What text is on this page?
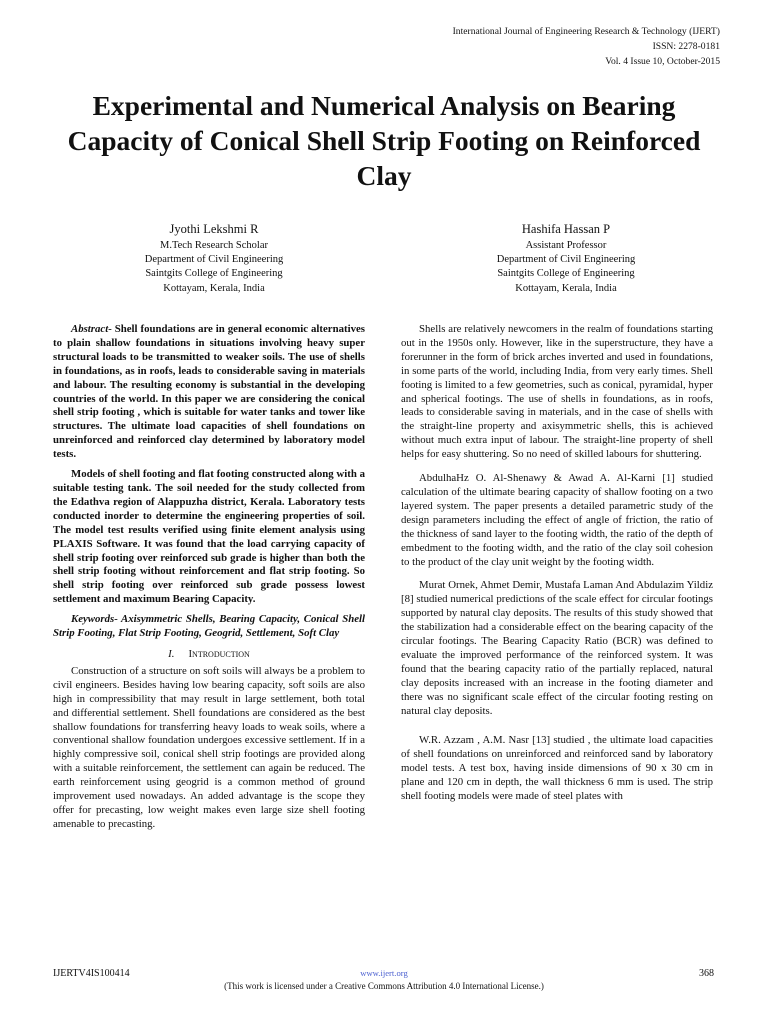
International Journal of Engineering Research & Technology (IJERT)
ISSN: 2278-0181
Vol. 4 Issue 10, October-2015
Experimental and Numerical Analysis on Bearing Capacity of Conical Shell Strip Footing on Reinforced Clay
Jyothi Lekshmi R
M.Tech Research Scholar
Department of Civil Engineering
Saintgits College of Engineering
Kottayam, Kerala, India
Hashifa Hassan P
Assistant Professor
Department of Civil Engineering
Saintgits College of Engineering
Kottayam, Kerala, India

Abstract- Shell foundations are in general economic alternatives to plain shallow foundations in situations involving heavy super structural loads to be transmitted to weaker soils. The use of shells in foundations, as in roofs, leads to considerable saving in materials and labour. The resulting economy is substantial in the developing countries of the world. In this paper we are considering the conical shell strip footing , which is suitable for water tanks and tower like structures. The ultimate load capacities of shell foundations on unreinforced and reinforced clay determined by laboratory model tests.

Models of shell footing and flat footing constructed along with a suitable testing tank. The soil needed for the study collected from the Edathva region of Alappuzha district, Kerala. Laboratory tests conducted inorder to determine the engineering properties of soil. The model test results verified using finite element analysis using PLAXIS Software. It was found that the load carrying capacity of shell strip footing over reinforced sub grade is higher than both the shell strip footing without reinforcement and flat strip footing. So shell strip footing over reinforced sub grade possess lowest settlement and maximum Bearing Capacity.

Keywords- Axisymmetric Shells, Bearing Capacity, Conical Shell Strip Footing, Flat Strip Footing, Geogrid, Settlement, Soft Clay

I. Introduction

Construction of a structure on soft soils will always be a problem to civil engineers. Besides having low bearing capacity, soft soils are also high in compressibility that may result in large settlement, both total and differential settlement. Shell foundations are considered as the best shallow foundations for transferring heavy loads to weak soils, where a conventional shallow foundation undergoes excessive settlement. If in a highly compressive soil, conical shell strip footings are provided along with a suitable reinforcement, the settlement can again be reduced. The earth reinforcement using geogrid is a common method of ground improvement used nowadays. An added advantage is the scope they offer for precasting, low weight makes even large size shell footing amenable to precasting.

Shells are relatively newcomers in the realm of foundations starting out in the 1950s only. However, like in the superstructure, they have a forerunner in the form of brick arches inverted and used in foundations, in some parts of the world, including India, from very early times. Shell footing is limited to a few geometries, such as conical, pyramidal, hyper and spherical footings. The use of shells in foundations, as in roofs, leads to considerable saving in materials, and in the case of shells with the straight-line property and axisymmetric shells, this is achieved without much extra input of labour. The straight-line property of shell helps for easy shuttering. So no need of skilled labours for shuttering.

AbdulhaHz O. Al-Shenawy & Awad A. Al-Karni [1] studied calculation of the ultimate bearing capacity of shallow footing on a two layered system. The paper presents a detailed parametric study of the design parameters including the effect of angle of friction, the ratio of the thickness of sand layer to the footing width, the ratio of the depth of embedment to the footing width, and the ratio of the clay soil cohesion to the product of the clay unit weight by the footing width.

Murat Ornek, Ahmet Demir, Mustafa Laman And Abdulazim Yildiz [8] studied numerical predictions of the scale effect for circular footings supported by natural clay deposits. The results of this study showed that the stabilization had a considerable effect on the bearing capacity of the circular footings. The Bearing Capacity Ratio (BCR) was defined to evaluate the improved performance of the reinforced system. It was found that the bearing capacity ratio of the partially replaced, natural clay deposits increased with an increase in the footing diameter and there was no significant scale effect of the circular footing resting on natural clay deposits.

W.R. Azzam , A.M. Nasr [13] studied , the ultimate load capacities of shell foundations on unreinforced and reinforced sand by laboratory model tests. A test box, having inside dimensions of 90 x 30 cm in plane and 120 cm in depth, the wall thickness 6 mm is used. The strip shell footing models were made of steel plates with

IJERTV4IS100414	www.ijert.org	368
(This work is licensed under a Creative Commons Attribution 4.0 International License.)
